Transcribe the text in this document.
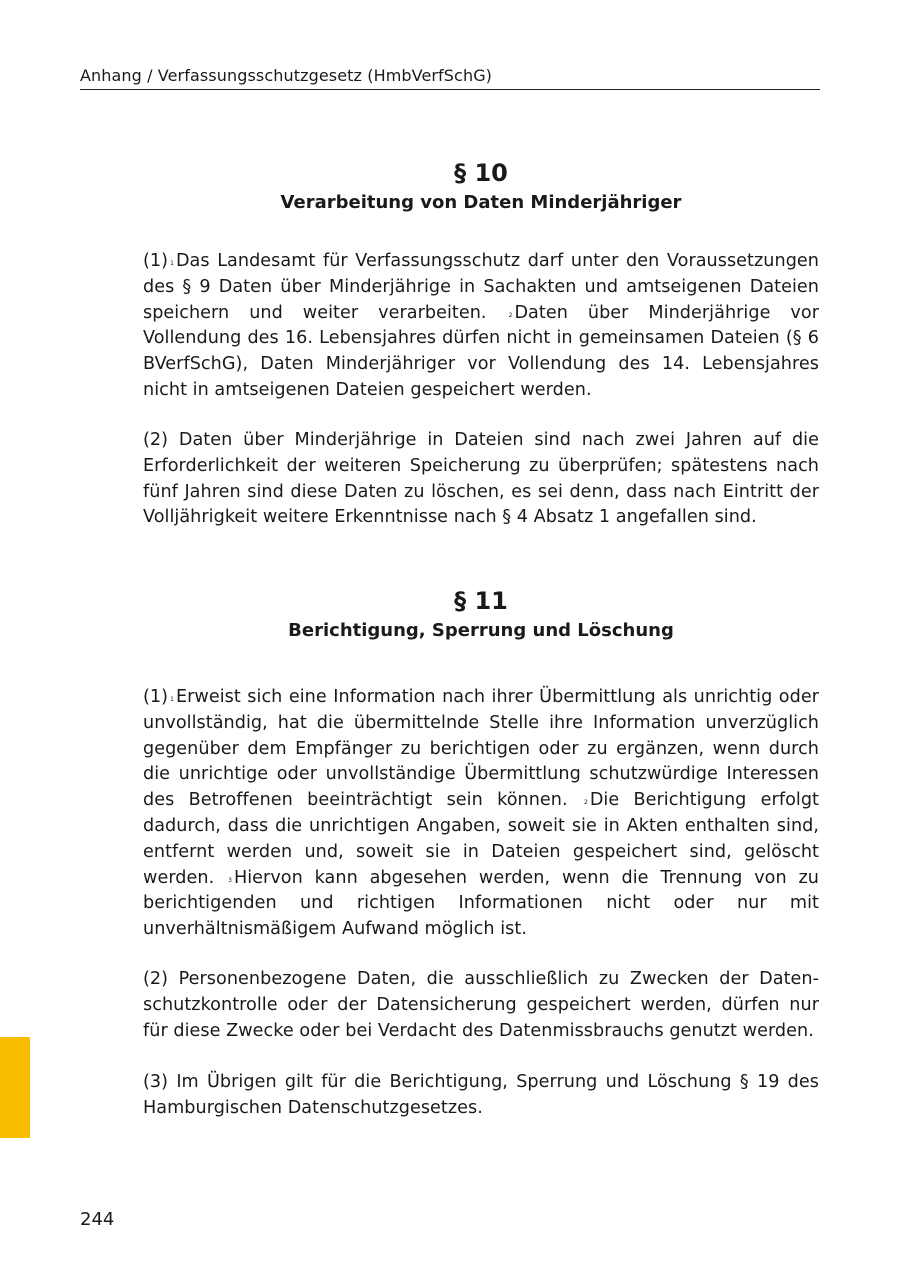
Anhang / Verfassungsschutzgesetz (HmbVerfSchG)
§ 10
Verarbeitung von Daten Minderjähriger
(1) $^1$ Das Landesamt für Verfassungsschutz darf unter den Voraussetzungen des § 9 Daten über Minderjährige in Sachakten und amtseigenen Dateien speichern und weiter verarbeiten.	$^2$ Daten über Minderjährige vor Vollendung des 16. Lebensjahres dürfen nicht in gemeinsamen Dateien (§ 6 BVerfSchG), Daten Minderjähriger vor Vollendung des 14. Lebensjahres nicht in amtseigenen Dateien gespeichert werden.
(2) Daten über Minderjährige in Dateien sind nach zwei Jahren auf die Erforderlichkeit der weiteren Speicherung zu überprüfen; spätestens nach fünf Jahren sind diese Daten zu löschen, es sei denn, dass nach Eintritt der Volljährigkeit weitere Erkenntnisse nach § 4 Absatz 1 angefallen sind.
§ 11
Berichtigung, Sperrung und Löschung
(1) $^1$ Erweist sich eine Information nach ihrer Übermittlung als unrichtig oder unvollständig, hat die übermittelnde Stelle ihre Information unverzüglich gegenüber dem Empfänger zu berichtigen oder zu ergänzen, wenn durch die unrichtige oder unvollständige Übermittlung schutzwürdige Interessen des Betroffenen beeinträchtigt sein können.	$^2$ Die Berichtigung erfolgt dadurch, dass die unrichtigen Angaben, soweit sie in Akten enthalten sind, entfernt werden und, soweit sie in Dateien gespeichert sind, gelöscht werden. $^3$ Hiervon kann abgesehen werden, wenn die Trennung von zu berichtigenden und richtigen Informationen nicht oder nur mit unverhältnismäßigem Aufwand möglich ist.
(2) Personenbezogene Daten, die ausschließlich zu Zwecken der Datenschutzkontrolle oder der Datensicherung gespeichert werden, dürfen nur für diese Zwecke oder bei Verdacht des Datenmissbrauchs genutzt werden.
(3) Im Übrigen gilt für die Berichtigung, Sperrung und Löschung § 19 des Hamburgischen Datenschutzgesetzes.
244
